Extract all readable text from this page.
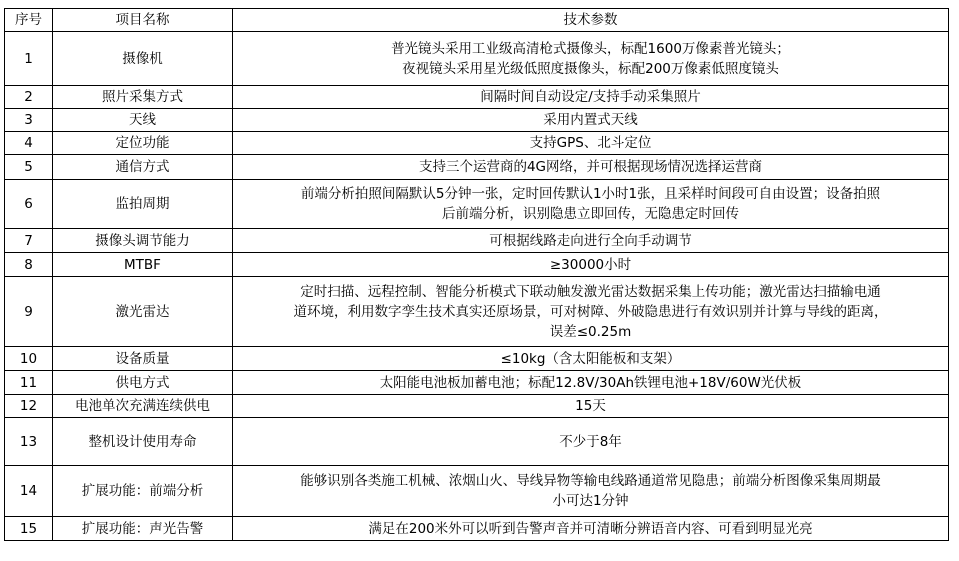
序号	项目名称	技术参数
1	摄像机	普光镜头采用工业级高清枪式摄像头，标配1600万像素普光镜头；
夜视镜头采用星光级低照度摄像头，标配200万像素低照度镜头

2	照片采集方式	间隔时间自动设定/支持手动采集照片

3	天线	采用内置式天线

4	定位功能	支持GPS、北斗定位

5	通信方式	支持三个运营商的4G网络，并可根据现场情况选择运营商

6	监拍周期	前端分析拍照间隔默认5分钟一张，定时回传默认1小时1张，且采样时间段可自由设置；设备拍照
后前端分析，识别隐患立即回传，无隐患定时回传

7	摄像头调节能力	可根据线路走向进行全向手动调节

8	MTBF	≥30000小时

9	激光雷达	定时扫描、远程控制、智能分析模式下联动触发激光雷达数据采集上传功能；激光雷达扫描输电通
道环境，利用数字孪生技术真实还原场景，可对树障、外破隐患进行有效识别并计算与导线的距离，
误差≤0.25m

10	设备质量	≤10kg（含太阳能板和支架）

11	供电方式	太阳能电池板加蓄电池；标配12.8V/30Ah铁锂电池+18V/60W光伏板

12	电池单次充满连续供电	15天

13	整机设计使用寿命	不少于8年

14	扩展功能：前端分析	能够识别各类施工机械、浓烟山火、导线异物等输电线路通道常见隐患；前端分析图像采集周期最
小可达1分钟

15	扩展功能：声光告警	满足在200米外可以听到告警声音并可清晰分辨语音内容、可看到明显光亮
